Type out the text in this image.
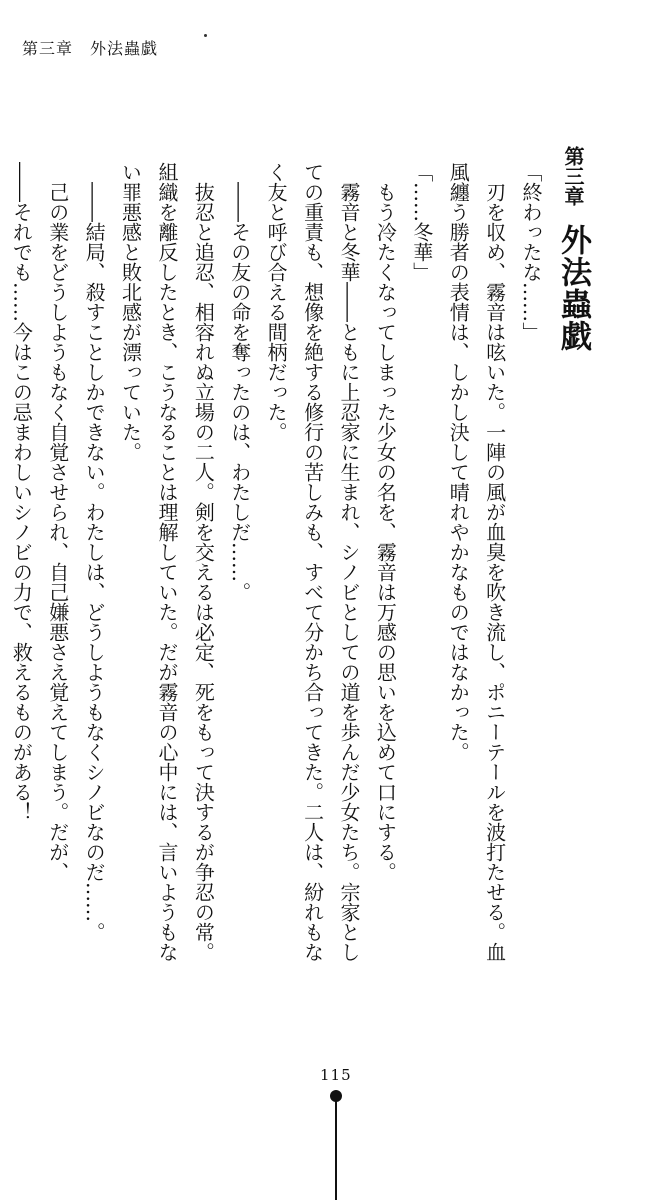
第三章　外法蟲戯
第三章外法蟲戯
「終わったな……」
刃を収め、霧音は呟いた。一陣の風が血臭を吹き流し、ポニーテールを波打たせる。血
風纏う勝者の表情は、しかし決して晴れやかなものではなかった。
「……冬華」
もう冷たくなってしまった少女の名を、霧音は万感の思いを込めて口にする。
霧音と冬華――ともに上忍家に生まれ、シノビとしての道を歩んだ少女たち。宗家とし
ての重責も、想像を絶する修行の苦しみも、すべて分かち合ってきた。二人は、紛れもな
く友と呼び合える間柄だった。
――その友の命を奪ったのは、わたしだ……。
抜忍と追忍、相容れぬ立場の二人。剣を交えるは必定、死をもって決するが争忍の常。
組織を離反したとき、こうなることは理解していた。だが霧音の心中には、言いようもな
い罪悪感と敗北感が漂っていた。
――結局、殺すことしかできない。わたしは、どうしようもなくシノビなのだ……。
己の業をどうしようもなく自覚させられ、自己嫌悪さえ覚えてしまう。だが、
――それでも……今はこの忌まわしいシノビの力で、救えるものがある！
115
